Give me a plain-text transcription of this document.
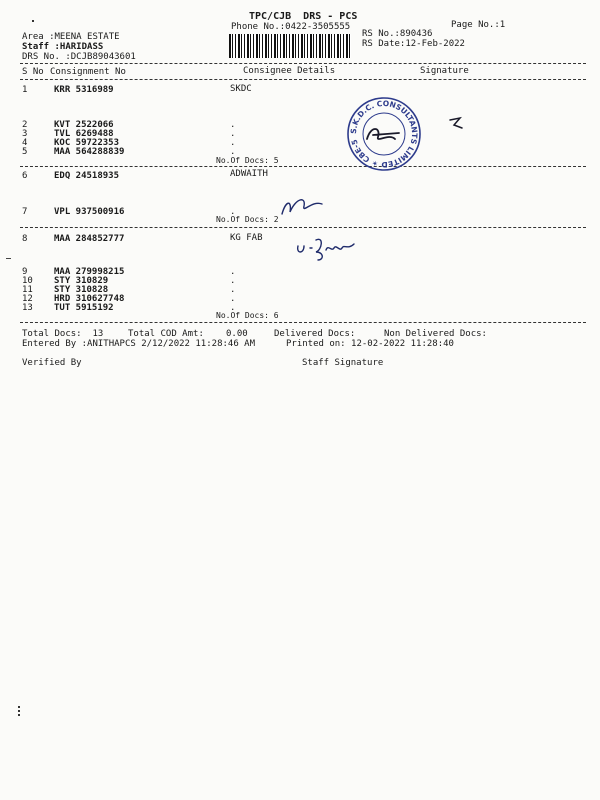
TPC/CJB  DRS - PCS
Phone No.:0422-3505555	Page No.:1
Area :MEENA ESTATE
Staff :HARIDASS
DRS No. :DCJB89043601
RS No.:890436
RS Date:12-Feb-2022
S No Consignment No	Consignee Details	Signature
1	KRR 5316989	SKDC
2	KVT 2522066	.
3	TVL 6269488	.
4	KOC 59722353	.
5	MAA 564288839	.
No.Of Docs: 5
6	EDQ 24518935	ADWAITH
7	VPL 937500916	.
No.Of Docs: 2
8	MAA 284852777	KG FAB
9	MAA 279998215	.
10 STY 310829	.
11 STY 310828	.
12 HRD 310627748	.
13 TUT 5915192	.
No.Of Docs: 6
Total Docs:  13	Total COD Amt: 0.00	Delivered Docs:	Non Delivered Docs:
Entered By :ANITHAPCS 2/12/2022 11:28:46 AM	Printed on: 12-02-2022 11:28:40
Verified By	Staff Signature
S.K.D.C. CONSULTANTS LIMITED ✶ CBE-5 ✶
